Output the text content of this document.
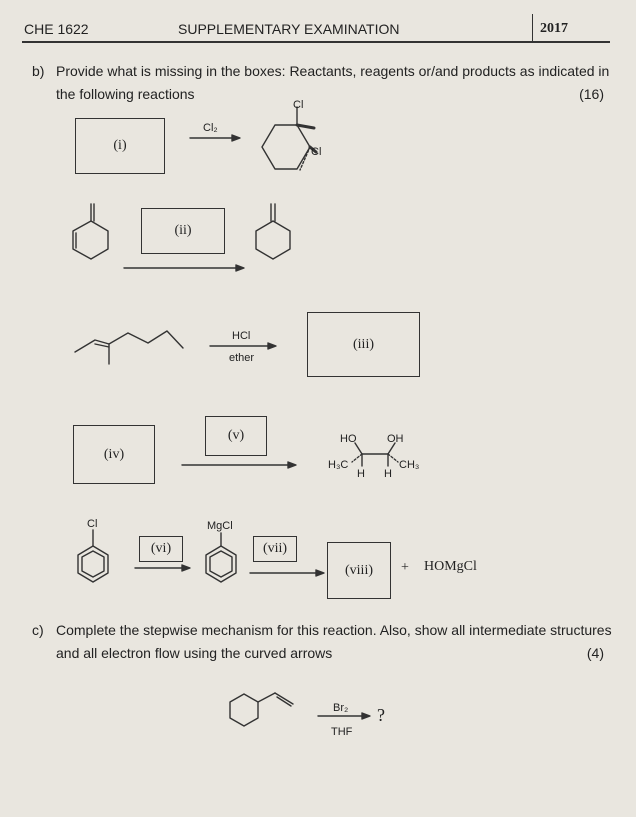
CHE 1622	SUPPLEMENTARY EXAMINATION	2017
b) Provide what is missing in the boxes: Reactants, reagents or/and products as indicated in the following reactions	(16)
(i)
Cl₂
Cl
Cl
(ii)
HCl
ether
(iii)
(iv)
(v)	HO	OH
H₃C	CH₃
H H
Cl
(vi)
MgCl
(vii)
(viii) + HOMgCl
c) Complete the stepwise mechanism for this reaction. Also, show all intermediate structures and all electron flow using the curved arrows	(4)
Br₂
THF
?
